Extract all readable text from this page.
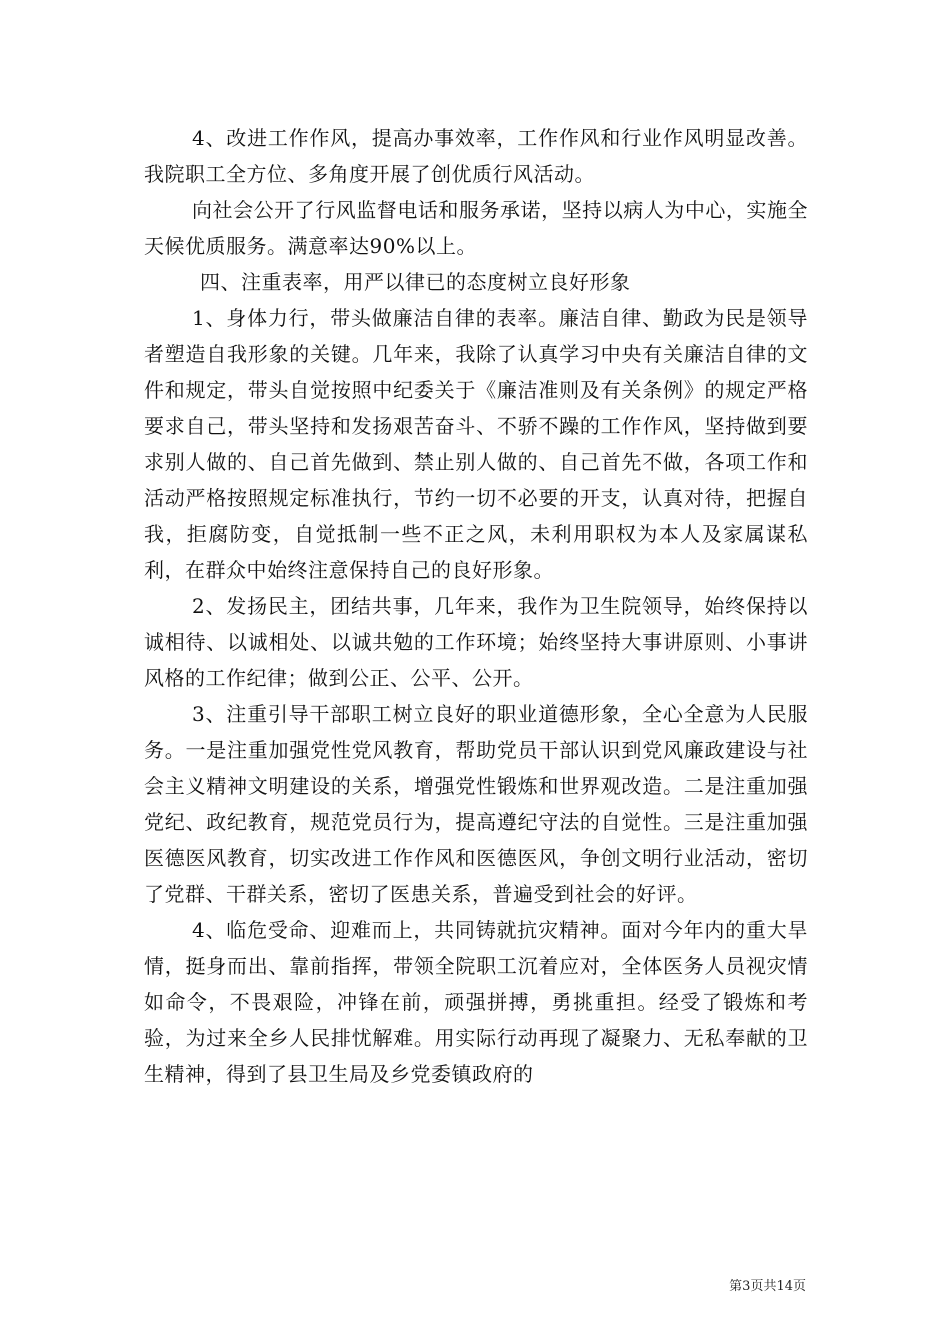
4、改进工作作风，提高办事效率，工作作风和行业作风明显改善。我院职工全方位、多角度开展了创优质行风活动。

向社会公开了行风监督电话和服务承诺，坚持以病人为中心，实施全天候优质服务。满意率达90%以上。

四、注重表率，用严以律已的态度树立良好形象

1、身体力行，带头做廉洁自律的表率。廉洁自律、勤政为民是领导者塑造自我形象的关键。几年来，我除了认真学习中央有关廉洁自律的文件和规定，带头自觉按照中纪委关于《廉洁准则及有关条例》的规定严格要求自己，带头坚持和发扬艰苦奋斗、不骄不躁的工作作风，坚持做到要求别人做的、自己首先做到、禁止别人做的、自己首先不做，各项工作和活动严格按照规定标准执行，节约一切不必要的开支，认真对待，把握自我，拒腐防变，自觉抵制一些不正之风，未利用职权为本人及家属谋私利，在群众中始终注意保持自己的良好形象。

2、发扬民主，团结共事，几年来，我作为卫生院领导，始终保持以诚相待、以诚相处、以诚共勉的工作环境；始终坚持大事讲原则、小事讲风格的工作纪律；做到公正、公平、公开。

3、注重引导干部职工树立良好的职业道德形象，全心全意为人民服务。一是注重加强党性党风教育，帮助党员干部认识到党风廉政建设与社会主义精神文明建设的关系，增强党性锻炼和世界观改造。二是注重加强党纪、政纪教育，规范党员行为，提高遵纪守法的自觉性。三是注重加强医德医风教育，切实改进工作作风和医德医风，争创文明行业活动，密切了党群、干群关系，密切了医患关系，普遍受到社会的好评。

4、临危受命、迎难而上，共同铸就抗灾精神。面对今年内的重大旱情，挺身而出、靠前指挥，带领全院职工沉着应对，全体医务人员视灾情如命令，不畏艰险，冲锋在前，顽强拼搏，勇挑重担。经受了锻炼和考验，为过来全乡人民排忧解难。用实际行动再现了凝聚力、无私奉献的卫生精神，得到了县卫生局及乡党委镇政府的

第3页共14页
